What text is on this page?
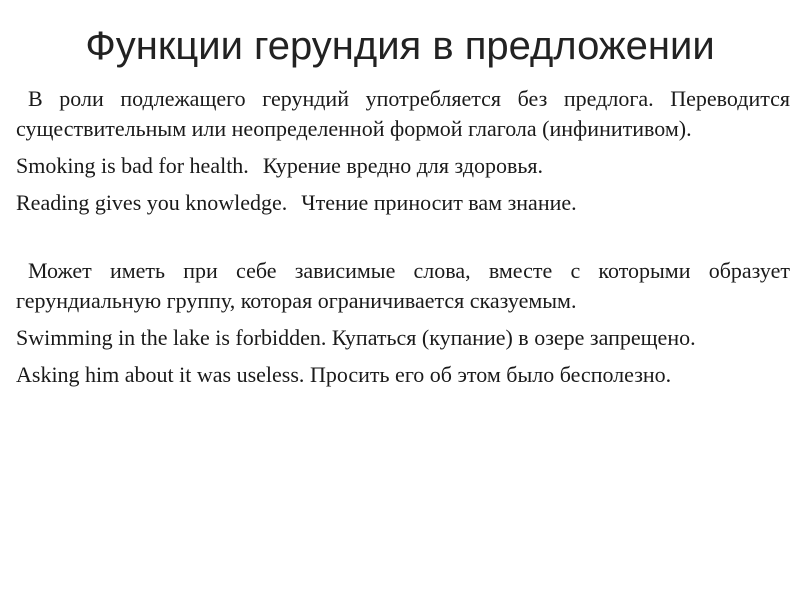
Функции герундия в предложении

В роли подлежащего герундий употребляется без предлога. Переводится существительным или неопределенной формой глагола (инфинитивом).

Smoking is bad for health. Курение вредно для здоровья.

Reading gives you knowledge. Чтение приносит вам знание.

Может иметь при себе зависимые слова, вместе с которыми образует герундиальную группу, которая ограничивается сказуемым.

Swimming in the lake is forbidden. Купаться (купание) в озере запрещено.

Asking him about it was useless. Просить его об этом было бесполезно.
